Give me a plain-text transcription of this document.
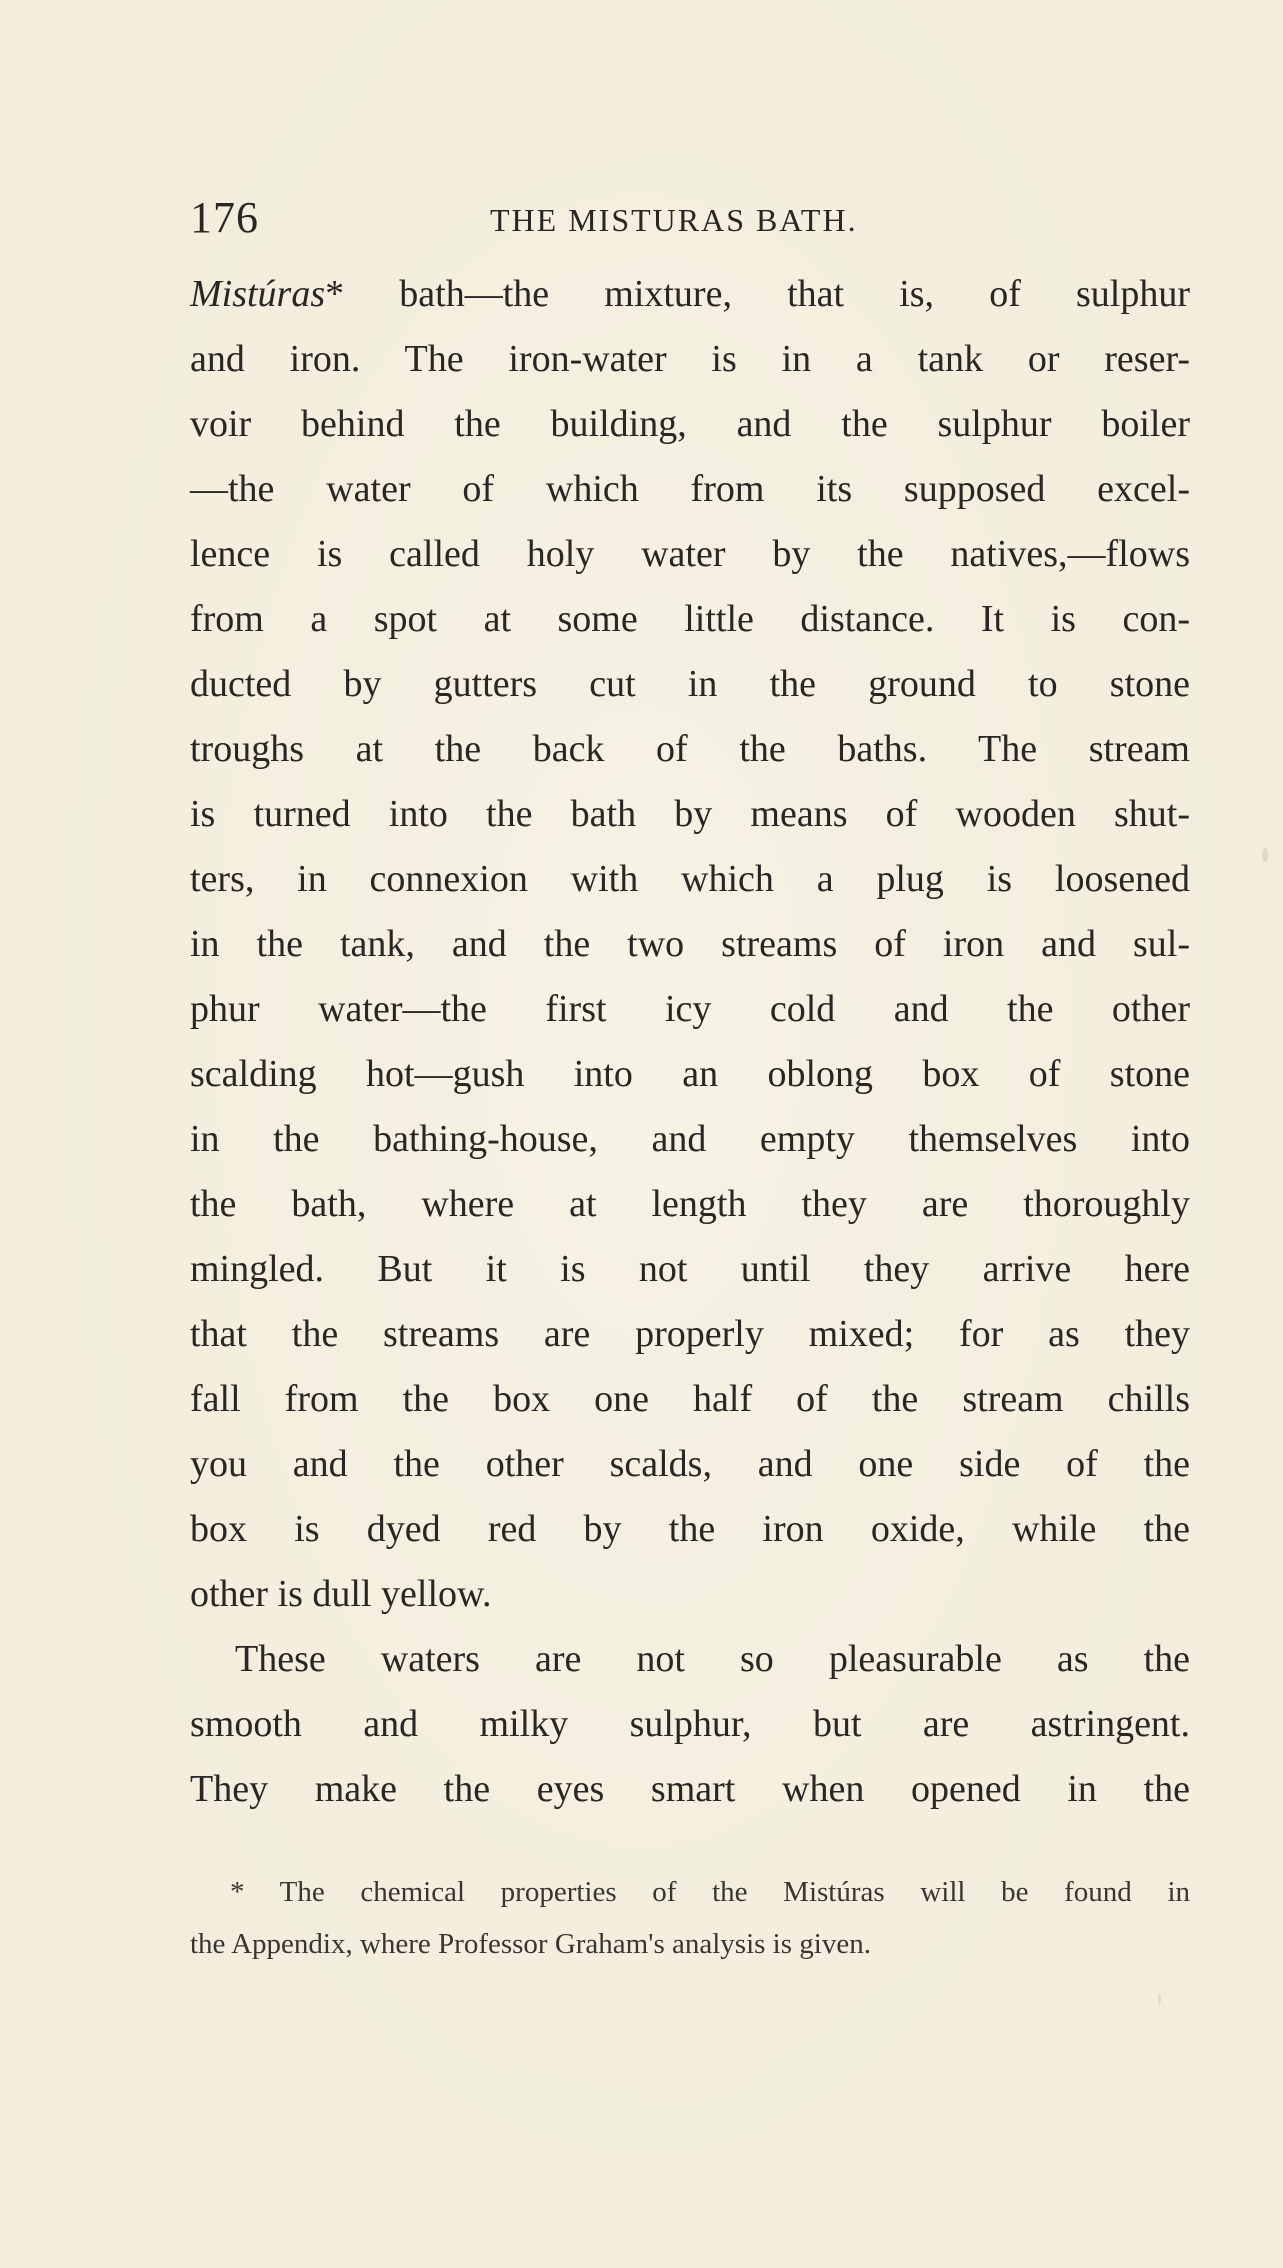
176	THE MISTURAS BATH.
Mistúras* bath—the mixture, that is, of sulphur
and iron. The iron-water is in a tank or reser-
voir behind the building, and the sulphur boiler
—the water of which from its supposed excel-
lence is called holy water by the natives,—flows
from a spot at some little distance. It is con-
ducted by gutters cut in the ground to stone
troughs at the back of the baths. The stream
is turned into the bath by means of wooden shut-
ters, in connexion with which a plug is loosened
in the tank, and the two streams of iron and sul-
phur water—the first icy cold and the other
scalding hot—gush into an oblong box of stone
in the bathing-house, and empty themselves into
the bath, where at length they are thoroughly
mingled. But it is not until they arrive here
that the streams are properly mixed; for as they
fall from the box one half of the stream chills
you and the other scalds, and one side of the
box is dyed red by the iron oxide, while the
other is dull yellow.
These waters are not so pleasurable as the
smooth and milky sulphur, but are astringent.
They make the eyes smart when opened in the
* The chemical properties of the Mistúras will be found in
the Appendix, where Professor Graham's analysis is given.
